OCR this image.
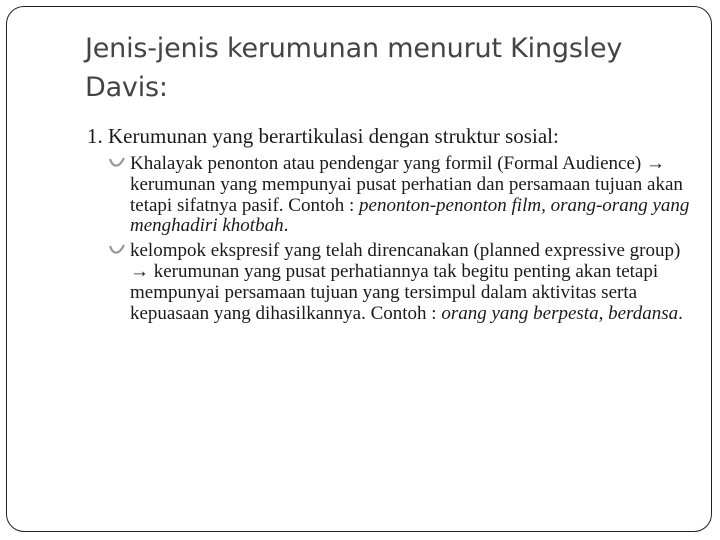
Jenis-jenis kerumunan menurut Kingsley Davis:

1. Kerumunan yang berartikulasi dengan struktur sosial:

Khalayak penonton atau pendengar yang formil (Formal Audience) → kerumunan yang mempunyai pusat perhatian dan persamaan tujuan akan tetapi sifatnya pasif. Contoh : penonton-penonton film, orang-orang yang menghadiri khotbah.

kelompok ekspresif yang telah direncanakan (planned expressive group) → kerumunan yang pusat perhatiannya tak begitu penting akan tetapi mempunyai persamaan tujuan yang tersimpul dalam aktivitas serta kepuasaan yang dihasilkannya. Contoh : orang yang berpesta, berdansa.
